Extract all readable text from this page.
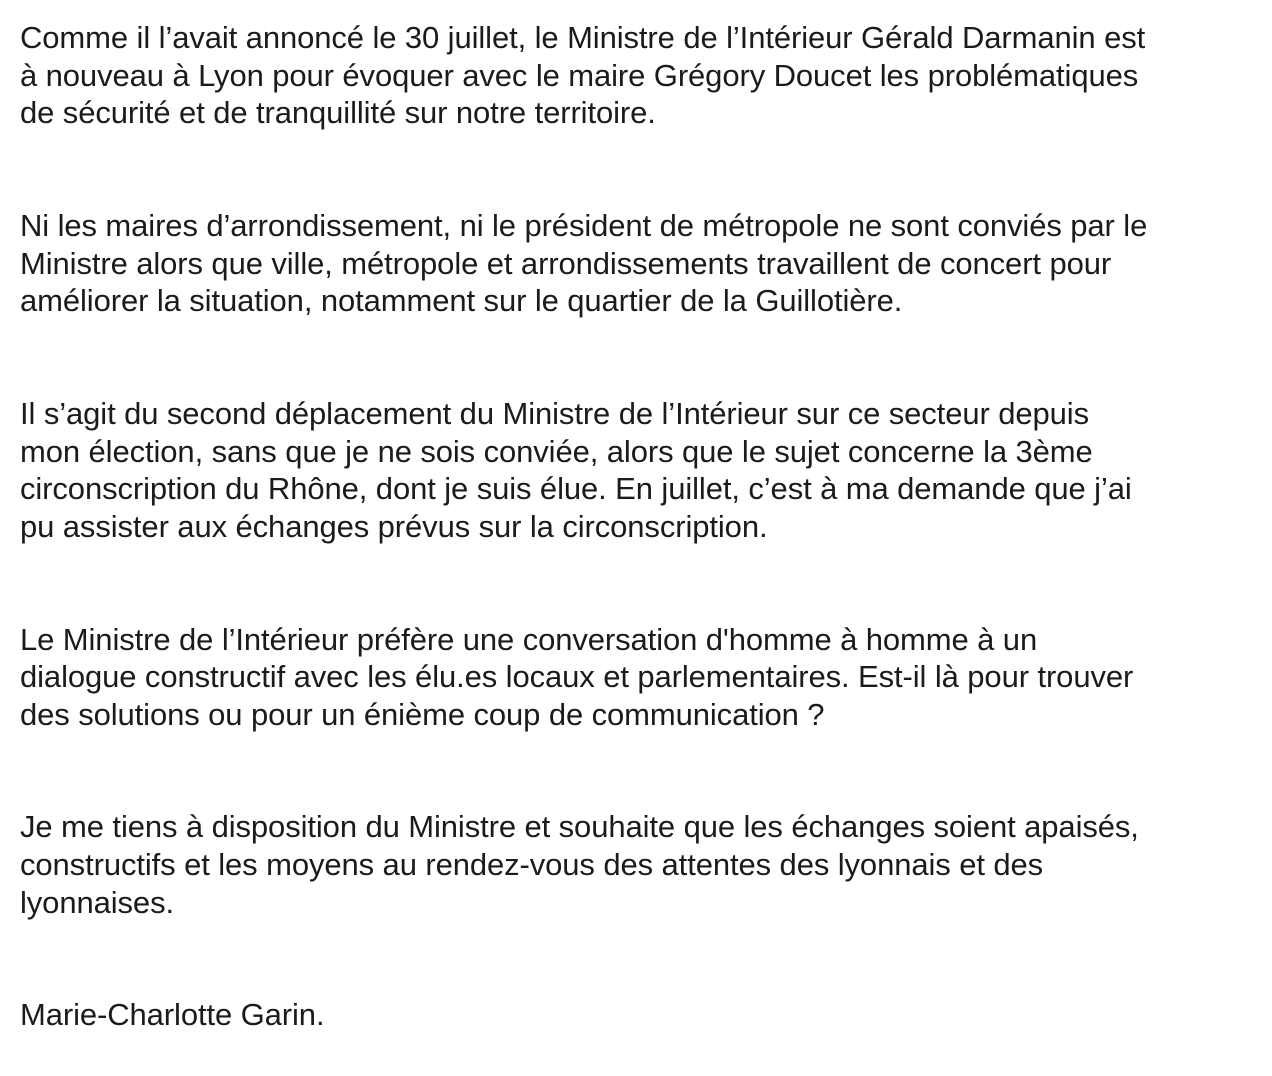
Comme il l’avait annoncé le 30 juillet, le Ministre de l’Intérieur Gérald Darmanin est
à nouveau à Lyon pour évoquer avec le maire Grégory Doucet les problématiques
de sécurité et de tranquillité sur notre territoire.

Ni les maires d’arrondissement, ni le président de métropole ne sont conviés par le
Ministre alors que ville, métropole et arrondissements travaillent de concert pour
améliorer la situation, notamment sur le quartier de la Guillotière.

Il s’agit du second déplacement du Ministre de l’Intérieur sur ce secteur depuis
mon élection, sans que je ne sois conviée, alors que le sujet concerne la 3ème
circonscription du Rhône, dont je suis élue. En juillet, c’est à ma demande que j’ai
pu assister aux échanges prévus sur la circonscription.

Le Ministre de l’Intérieur préfère une conversation d'homme à homme à un
dialogue constructif avec les élu.es locaux et parlementaires. Est-il là pour trouver
des solutions ou pour un énième coup de communication ?

Je me tiens à disposition du Ministre et souhaite que les échanges soient apaisés,
constructifs et les moyens au rendez-vous des attentes des lyonnais et des
lyonnaises.

Marie-Charlotte Garin.
